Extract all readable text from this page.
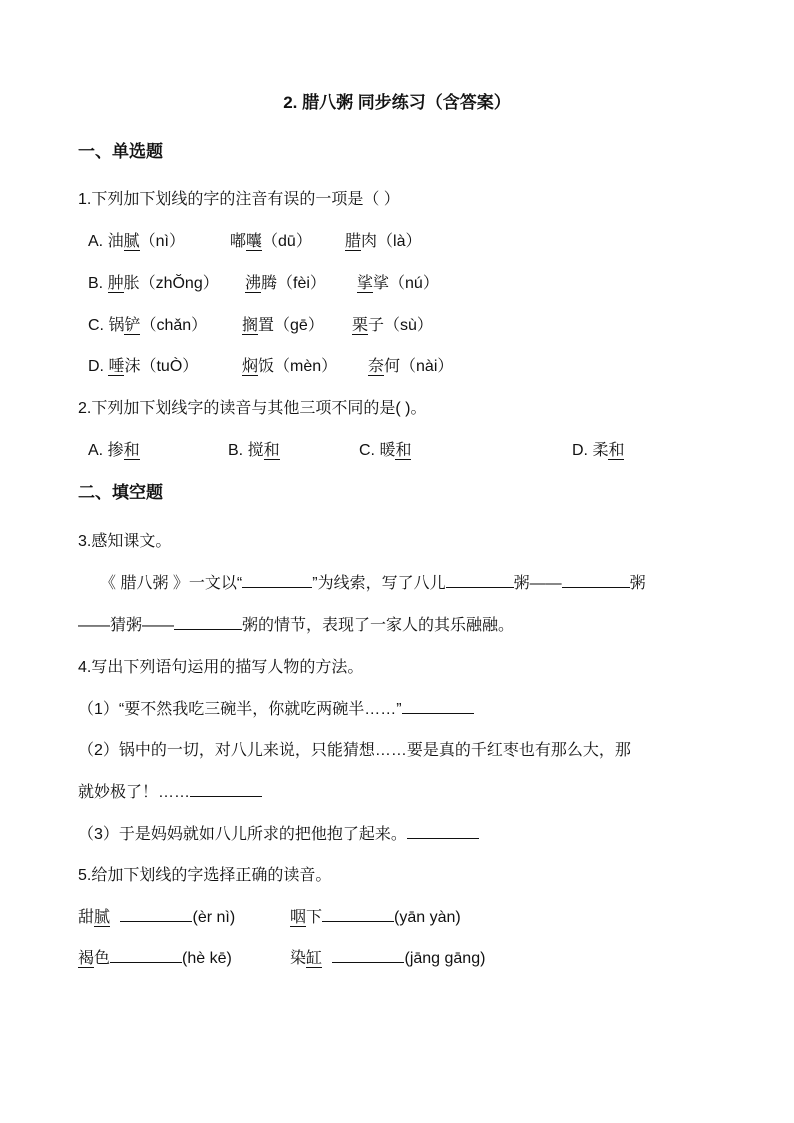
2. 腊八粥 同步练习（含答案）
一、单选题
1.下列加下划线的字的注音有误的一项是（ ）
A. 油腻（nì）	嘟囔（dū） 腊肉（là）
B. 肿胀（zhŎng） 沸腾（fèi） 挲挲（nú）
C. 锅铲（chǎn） 搁置（gē） 栗子（sù）
D. 唾沫（tuÒ）	焖饭（mèn） 奈何（nài）
2.下列加下划线字的读音与其他三项不同的是( )。
A. 掺和	B. 搅和	C. 暖和	D. 柔和
二、填空题
3.感知课文。
《 腊八粥 》一文以“	”为线索，写了八儿	粥——	粥
——猜粥——	粥的情节，表现了一家人的其乐融融。
4.写出下列语句运用的描写人物的方法。
（1）“要不然我吃三碗半，你就吃两碗半……”
（2）锅中的一切，对八儿来说，只能猜想……要是真的千红枣也有那么大，那
就妙极了！……
（3）于是妈妈就如八儿所求的把他抱了起来。
5.给加下划线的字选择正确的读音。
甜腻	(èr nì)	咽下	(yān yàn)
褐色	(hè kē)	染缸	(jāng gāng)
